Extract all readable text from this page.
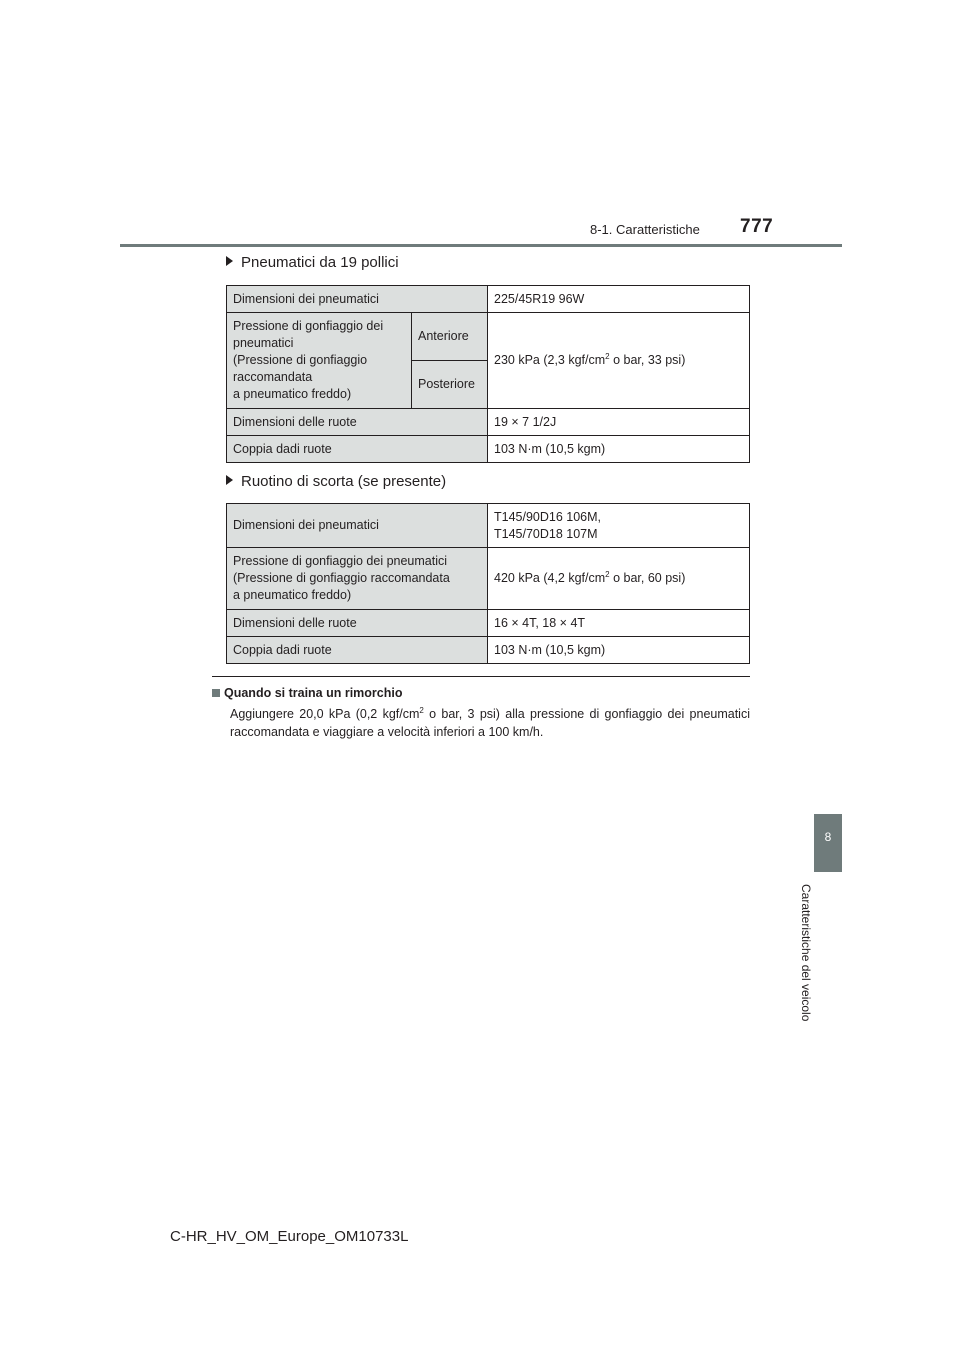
8-1. Caratteristiche 777
8
Caratteristiche del veicolo
Pneumatici da 19 pollici
Dimensioni dei pneumatici		225/45R19 96W
Pressione di gonfiaggio dei
pneumatici
(Pressione di gonfiaggio
raccomandata
a pneumatico freddo)	Anteriore	230 kPa (2,3 kgf/$cm^2$ o bar, 33 psi)
	Posteriore	
Dimensioni delle ruote		19 × 7 1/2J
Coppia dadi ruote		103 N·m (10,5 kgm)
Ruotino di scorta (se presente)
Dimensioni dei pneumatici	T145/90D16 106M,
T145/70D18 107M
Pressione di gonfiaggio dei pneumatici
(Pressione di gonfiaggio raccomandata
a pneumatico freddo)	420 kPa (4,2 kgf/$cm^2$ o bar, 60 psi)
Dimensioni delle ruote	16 × 4T, 18 × 4T
Coppia dadi ruote	103 N·m (10,5 kgm)
Quando si traina un rimorchio
Aggiungere 20,0 kPa (0,2 kgf/$cm^2$ o bar, 3 psi) alla pressione di gonfiaggio dei pneumatici raccomandata e viaggiare a velocità inferiori a 100 km/h.
C-HR_HV_OM_Europe_OM10733L
